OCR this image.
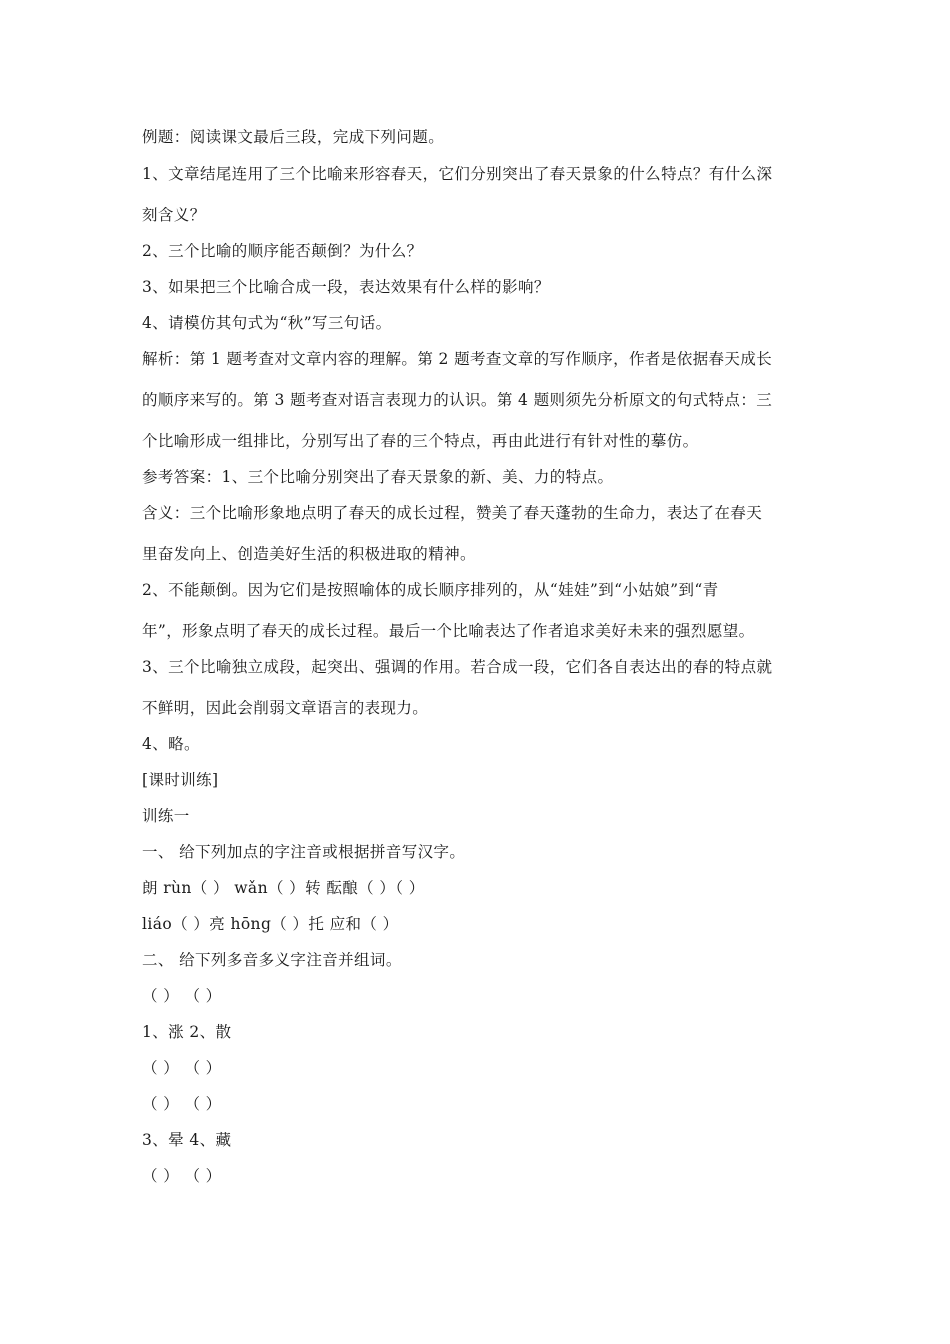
例题：阅读课文最后三段，完成下列问题。
1、文章结尾连用了三个比喻来形容春天，它们分别突出了春天景象的什么特点？有什么深
刻含义？
2、三个比喻的顺序能否颠倒？为什么？
3、如果把三个比喻合成一段，表达效果有什么样的影响？
4、请模仿其句式为“秋”写三句话。
解析：第 1 题考查对文章内容的理解。第 2 题考查文章的写作顺序，作者是依据春天成长
的顺序来写的。第 3 题考查对语言表现力的认识。第 4 题则须先分析原文的句式特点：三
个比喻形成一组排比，分别写出了春的三个特点，再由此进行有针对性的摹仿。
参考答案：1、三个比喻分别突出了春天景象的新、美、力的特点。
含义：三个比喻形象地点明了春天的成长过程，赞美了春天蓬勃的生命力，表达了在春天
里奋发向上、创造美好生活的积极进取的精神。
2、不能颠倒。因为它们是按照喻体的成长顺序排列的，从“娃娃”到“小姑娘”到“青
年”，形象点明了春天的成长过程。最后一个比喻表达了作者追求美好未来的强烈愿望。
3、三个比喻独立成段，起突出、强调的作用。若合成一段，它们各自表达出的春的特点就
不鲜明，因此会削弱文章语言的表现力。
4、略。
[课时训练]
训练一
一、 给下列加点的字注音或根据拼音写汉字。
朗 rùn（ ） wǎn（ ）转 酝酿（ ）（ ）
liáo（ ）亮 hōng（ ）托 应和（ ）
二、 给下列多音多义字注音并组词。
（ ） （ ）
1、涨 2、散
（ ） （ ）
（ ） （ ）
3、晕 4、藏
（ ） （ ）
